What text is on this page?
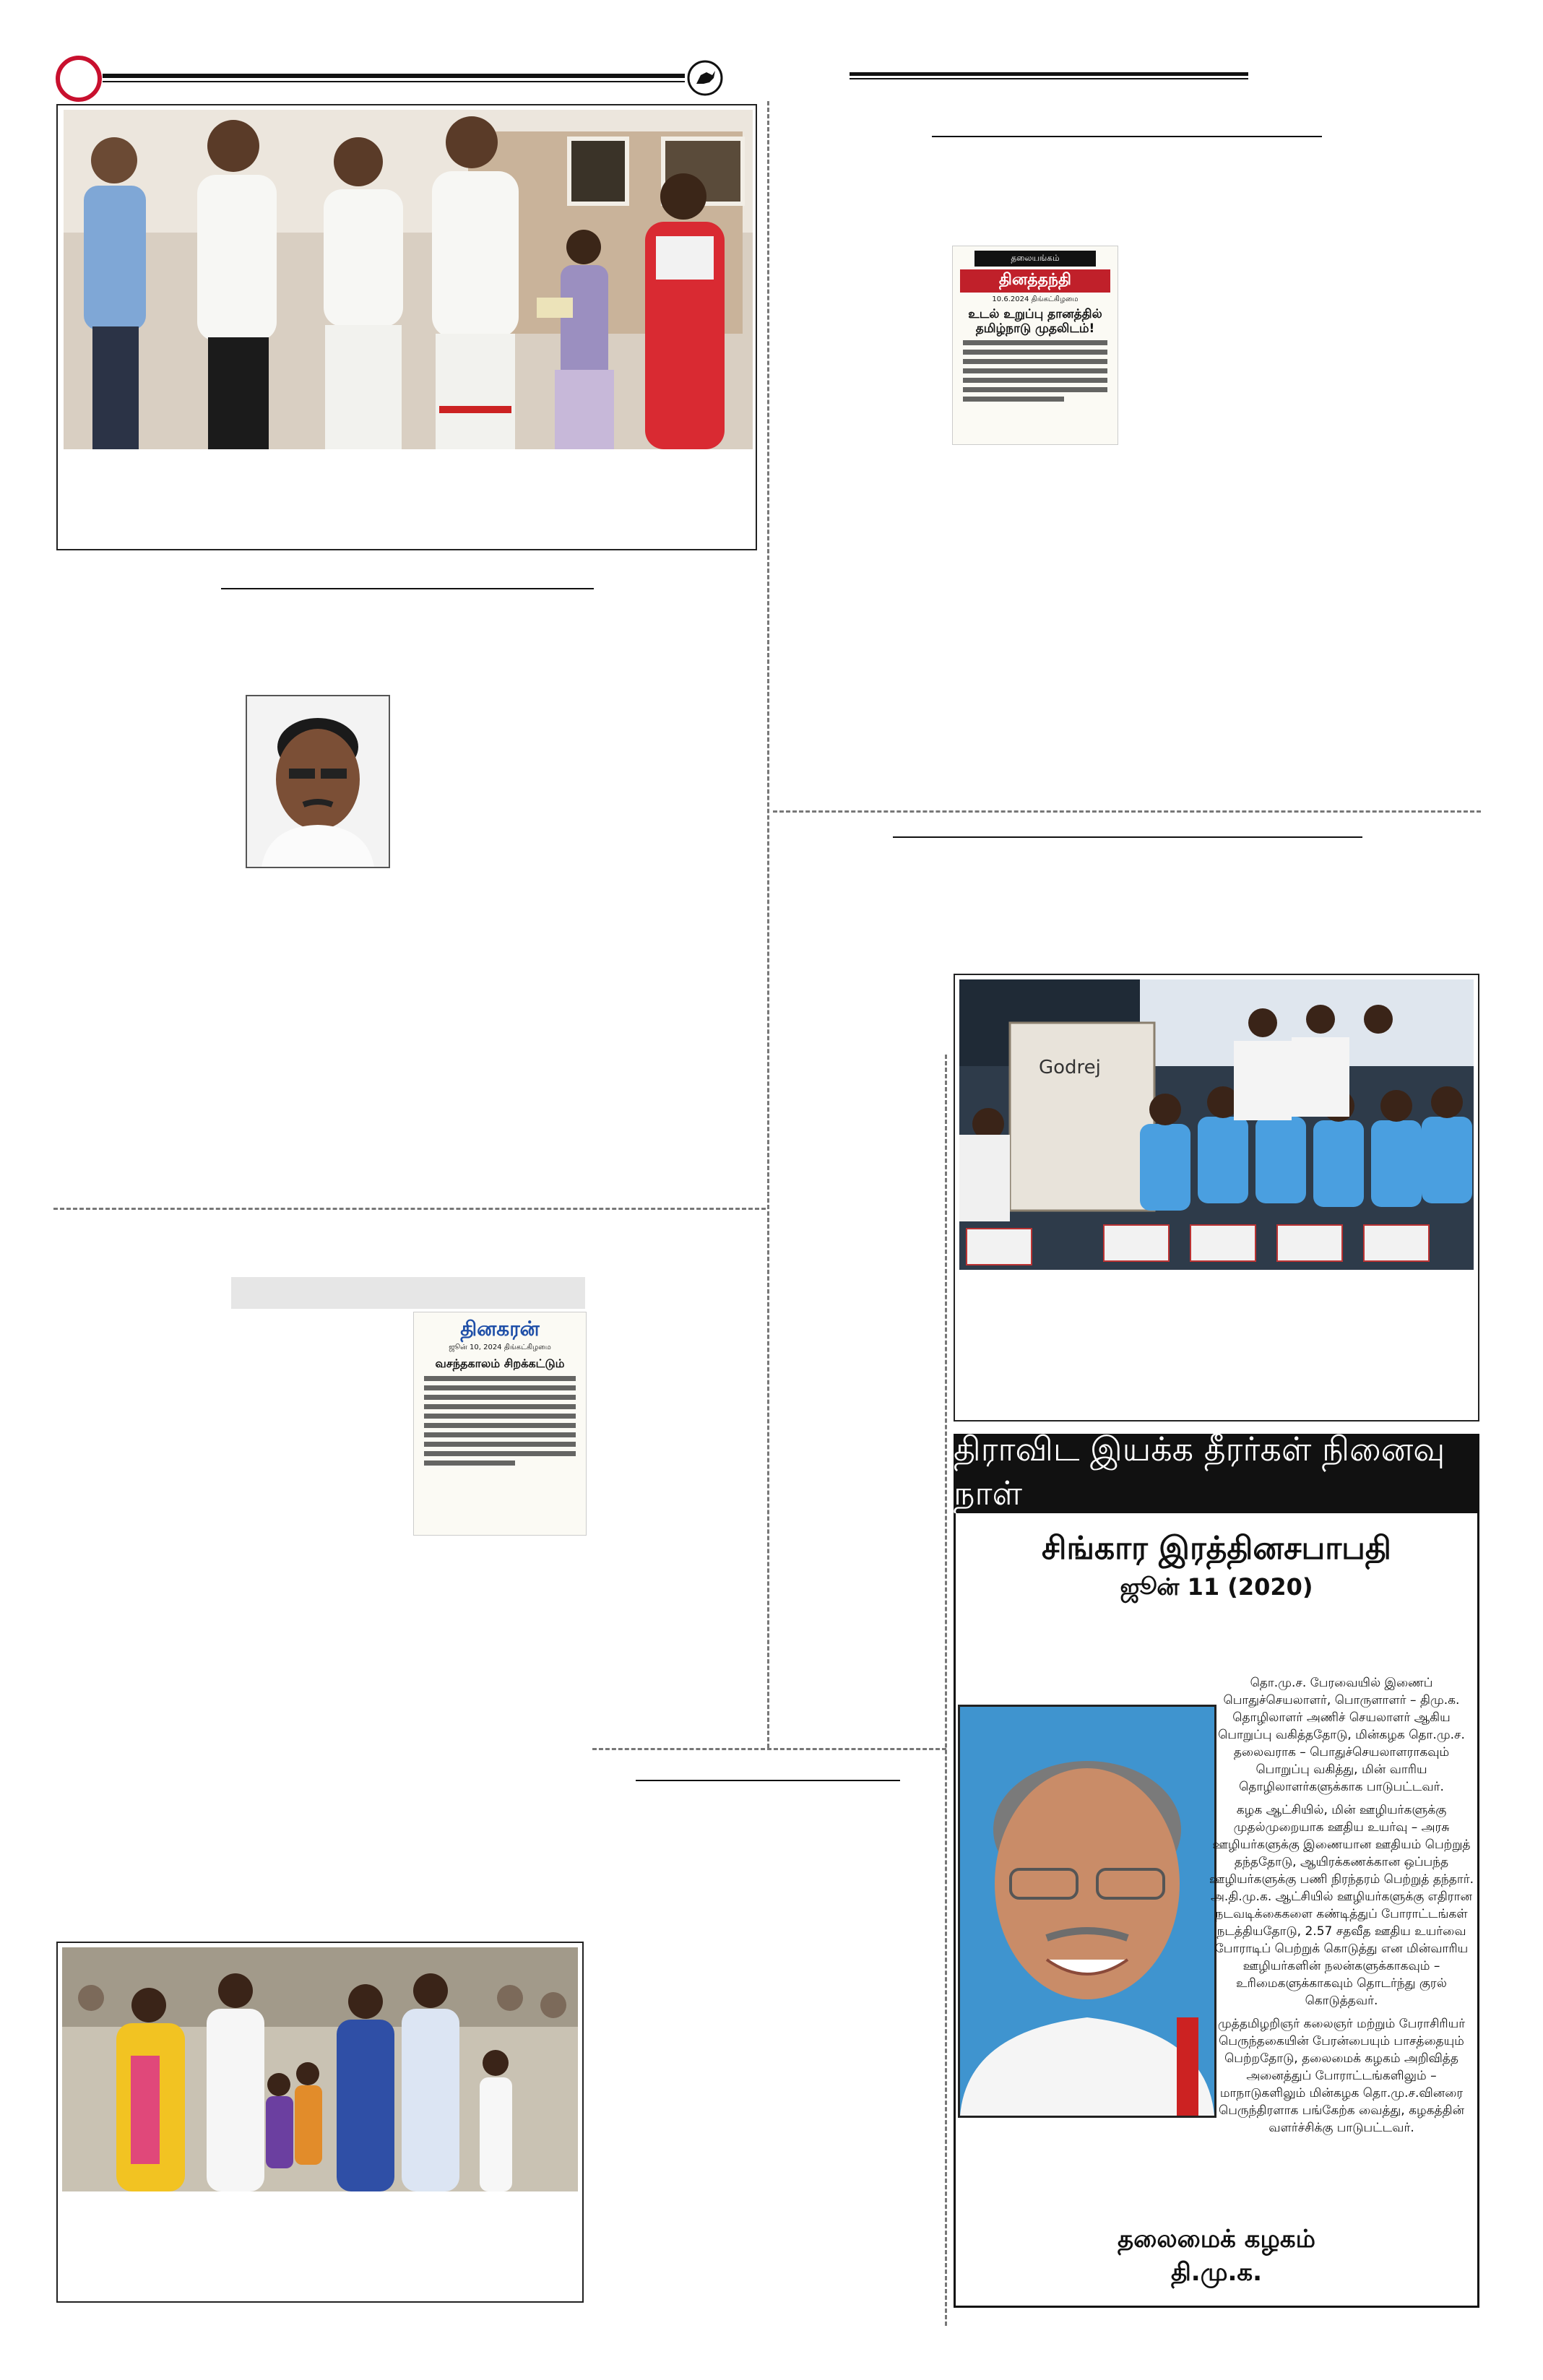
தலையங்கம்
தினத்தந்தி
10.6.2024 திங்கட்கிழமை
உடல் உறுப்பு தானத்தில் தமிழ்நாடு முதலிடம்!
Godrej
தினகரன்
ஜூன் 10, 2024 திங்கட்கிழமை
வசந்தகாலம் சிறக்கட்டும்
திராவிட இயக்க தீரர்கள் நினைவு நாள்
சிங்கார இரத்தினசபாபதி
ஜூன் 11 (2020)

தொ.மு.ச. பேரவையில் இணைப் பொதுச்செயலாளர், பொருளாளர் – திமு.க. தொழிலாளர் அணிச் செயலாளர் ஆகிய பொறுப்பு வகித்ததோடு, மின்கழக தொ.மு.ச. தலைவராக – பொதுச்செயலாளராகவும் பொறுப்பு வகித்து, மின் வாரிய தொழிலாளர்களுக்காக பாடுபட்டவர்.

கழக ஆட்சியில், மின் ஊழியர்களுக்கு முதல்முறையாக ஊதிய உயர்வு – அரசு ஊழியர்களுக்கு இணையான ஊதியம் பெற்றுத் தந்ததோடு, ஆயிரக்கணக்கான ஒப்பந்த ஊழியர்களுக்கு பணி நிரந்தரம் பெற்றுத் தந்தார். அ.தி.மு.க. ஆட்சியில் ஊழியர்களுக்கு எதிரான நடவடிக்கைகளை கண்டித்துப் போராட்டங்கள் நடத்தியதோடு, 2.57 சதவீத ஊதிய உயர்வை போராடிப் பெற்றுக் கொடுத்து என மின்வாரிய ஊழியர்களின் நலன்களுக்காகவும் – உரிமைகளுக்காகவும் தொடர்ந்து குரல் கொடுத்தவர்.

முத்தமிழறிஞர் கலைஞர் மற்றும் பேராசிரியர் பெருந்தகையின் பேரன்பையும் பாசத்தையும் பெற்றதோடு, தலைமைக் கழகம் அறிவித்த அனைத்துப் போராட்டங்களிலும் – மாநாடுகளிலும் மின்கழக தொ.மு.ச.வினரை பெருந்திரளாக பங்கேற்க வைத்து, கழகத்தின் வளர்ச்சிக்கு பாடுபட்டவர்.

தலைமைக் கழகம்
தி.மு.க.
